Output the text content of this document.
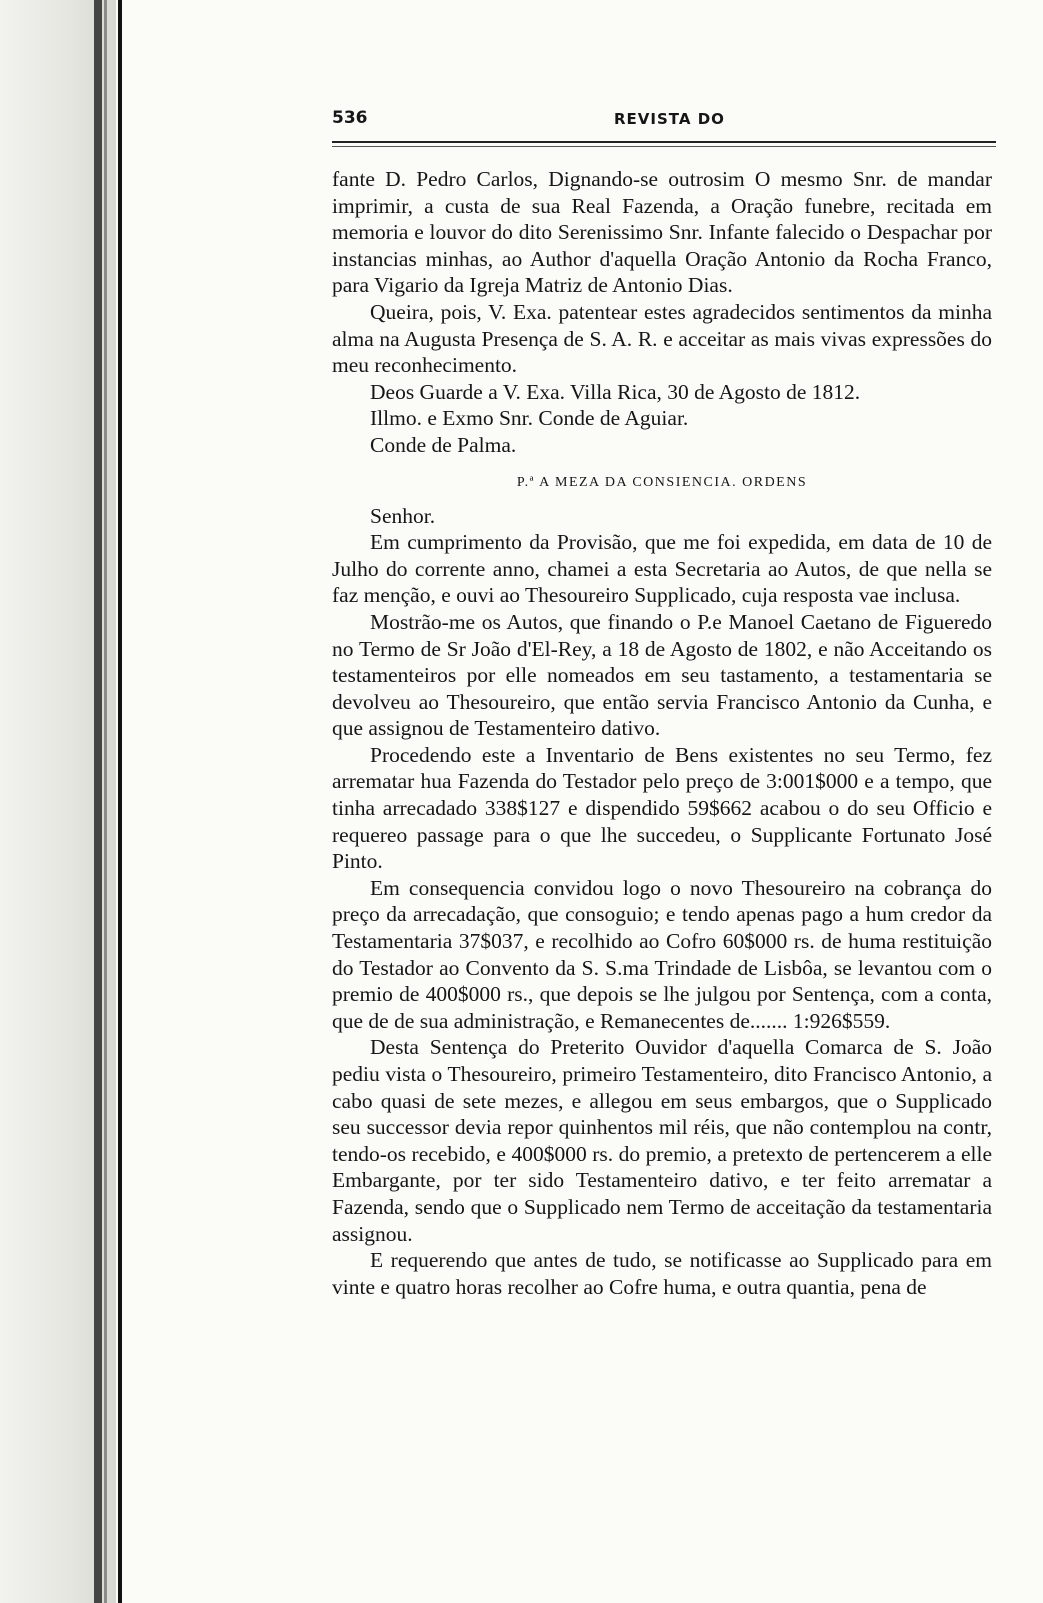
536	REVISTA DO

fante D. Pedro Carlos, Dignando-se outrosim O mesmo Snr. de mandar imprimir, a custa de sua Real Fazenda, a Oração funebre, recitada em memoria e louvor do dito Serenissimo Snr. Infante falecido o Despachar por instancias minhas, ao Author d'aquella Oração Antonio da Rocha Franco, para Vigario da Igreja Matriz de Antonio Dias.

Queira, pois, V. Exa. patentear estes agradecidos sentimentos da minha alma na Augusta Presença de S. A. R. e acceitar as mais vivas expressões do meu reconhecimento.

Deos Guarde a V. Exa. Villa Rica, 30 de Agosto de 1812.

Illmo. e Exmo Snr. Conde de Aguiar.

Conde de Palma.

P.ª A MEZA DA CONSIENCIA. ORDENS

Senhor.

Em cumprimento da Provisão, que me foi expedida, em data de 10 de Julho do corrente anno, chamei a esta Secretaria ao Autos, de que nella se faz menção, e ouvi ao Thesoureiro Supplicado, cuja resposta vae inclusa.

Mostrão-me os Autos, que finando o P.e Manoel Caetano de Figueredo no Termo de Sr João d'El-Rey, a 18 de Agosto de 1802, e não Acceitando os testamenteiros por elle nomeados em seu tastamento, a testamentaria se devolveu ao Thesoureiro, que então servia Francisco Antonio da Cunha, e que assignou de Testamenteiro dativo.

Procedendo este a Inventario de Bens existentes no seu Termo, fez arrematar hua Fazenda do Testador pelo preço de 3:001$000 e a tempo, que tinha arrecadado 338$127 e dispendido 59$662 acabou o do seu Officio e requereo passage para o que lhe succedeu, o Supplicante Fortunato José Pinto.

Em consequencia convidou logo o novo Thesoureiro na cobrança do preço da arrecadação, que consoguio; e tendo apenas pago a hum credor da Testamentaria 37$037, e recolhido ao Cofro 60$000 rs. de huma restituição do Testador ao Convento da S. S.ma Trindade de Lisbôa, se levantou com o premio de 400$000 rs., que depois se lhe julgou por Sentença, com a conta, que de de sua administração, e Remanecentes de....... 1:926$559.

Desta Sentença do Preterito Ouvidor d'aquella Comarca de S. João pediu vista o Thesoureiro, primeiro Testamenteiro, dito Francisco Antonio, a cabo quasi de sete mezes, e allegou em seus embargos, que o Supplicado seu successor devia repor quinhentos mil réis, que não contemplou na contr, tendo-os recebido, e 400$000 rs. do premio, a pretexto de pertencerem a elle Embargante, por ter sido Testamenteiro dativo, e ter feito arrematar a Fazenda, sendo que o Supplicado nem Termo de acceitação da testamentaria assignou.

E requerendo que antes de tudo, se notificasse ao Supplicado para em vinte e quatro horas recolher ao Cofre huma, e outra quantia, pena de
